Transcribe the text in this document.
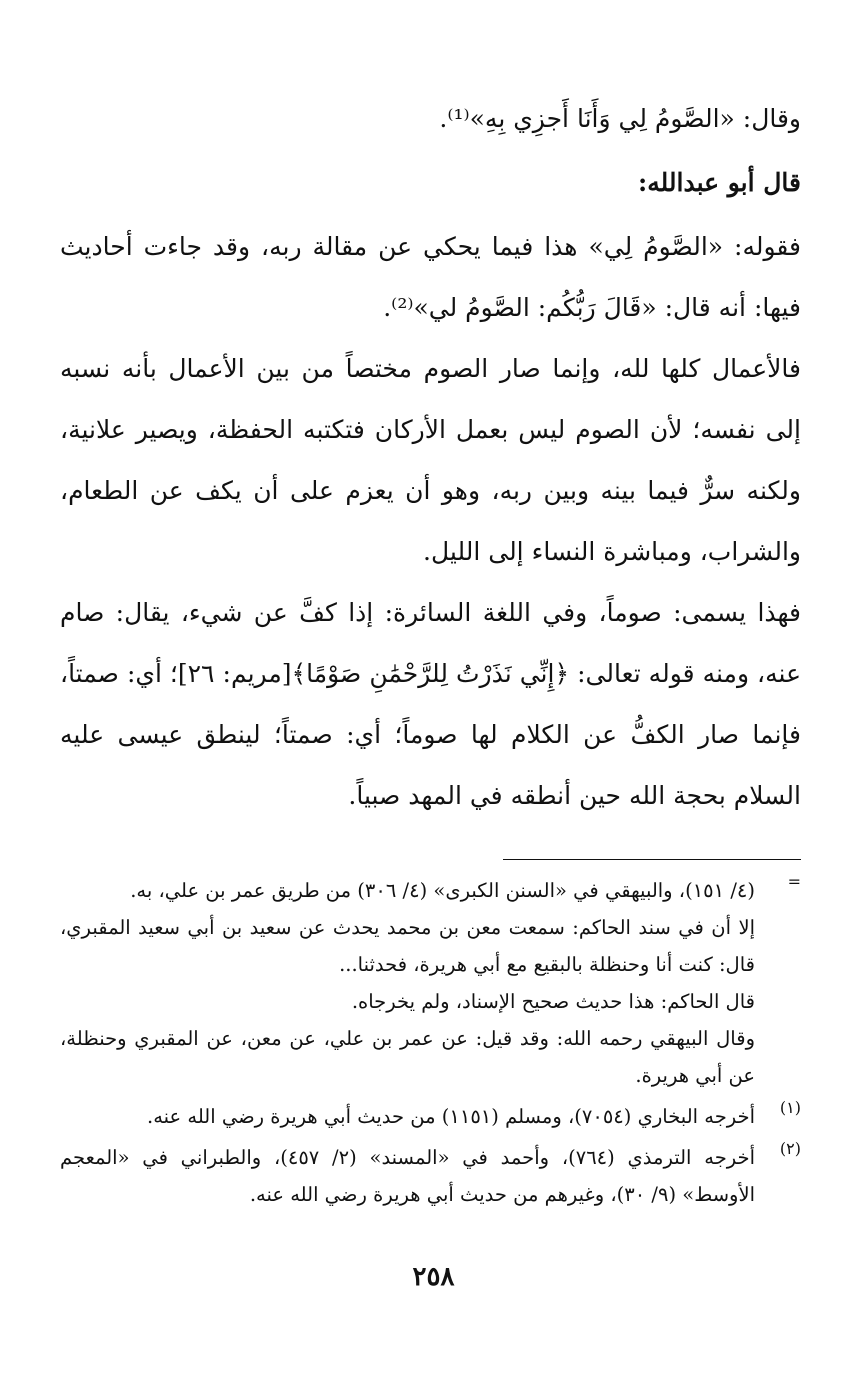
وقال: «الصَّومُ لِي وَأَنَا أَجزِي بِهِ»⁽¹⁾.

قال أبو عبدالله:

فقوله: «الصَّومُ لِي» هذا فيما يحكي عن مقالة ربه، وقد جاءت أحاديث فيها: أنه قال: «قَالَ رَبُّكُم: الصَّومُ لي»⁽²⁾.

فالأعمال كلها لله، وإنما صار الصوم مختصاً من بين الأعمال بأنه نسبه إلى نفسه؛ لأن الصوم ليس بعمل الأركان فتكتبه الحفظة، ويصير علانية، ولكنه سرٌّ فيما بينه وبين ربه، وهو أن يعزم على أن يكف عن الطعام، والشراب، ومباشرة النساء إلى الليل.

فهذا يسمى: صوماً، وفي اللغة السائرة: إذا كفَّ عن شيء، يقال: صام عنه، ومنه قوله تعالى: ﴿إِنِّي نَذَرْتُ لِلرَّحْمَٰنِ صَوْمًا﴾[مريم: ٢٦]؛ أي: صمتاً، فإنما صار الكفُّ عن الكلام لها صوماً؛ أي: صمتاً؛ لينطق عيسى عليه السلام بحجة الله حين أنطقه في المهد صبياً.

=

(٤/ ١٥١)، والبيهقي في «السنن الكبرى» (٤/ ٣٠٦) من طريق عمر بن علي، به.

إلا أن في سند الحاكم: سمعت معن بن محمد يحدث عن سعيد بن أبي سعيد المقبري، قال: كنت أنا وحنظلة بالبقيع مع أبي هريرة، فحدثنا...

قال الحاكم: هذا حديث صحيح الإسناد، ولم يخرجاه.

وقال البيهقي رحمه الله: وقد قيل: عن عمر بن علي، عن معن، عن المقبري وحنظلة، عن أبي هريرة.

(١)

أخرجه البخاري (٧٠٥٤)، ومسلم (١١٥١) من حديث أبي هريرة رضي الله عنه.

(٢)

أخرجه الترمذي (٧٦٤)، وأحمد في «المسند» (٢/ ٤٥٧)، والطبراني في «المعجم الأوسط» (٩/ ٣٠)، وغيرهم من حديث أبي هريرة رضي الله عنه.

٢٥٨
